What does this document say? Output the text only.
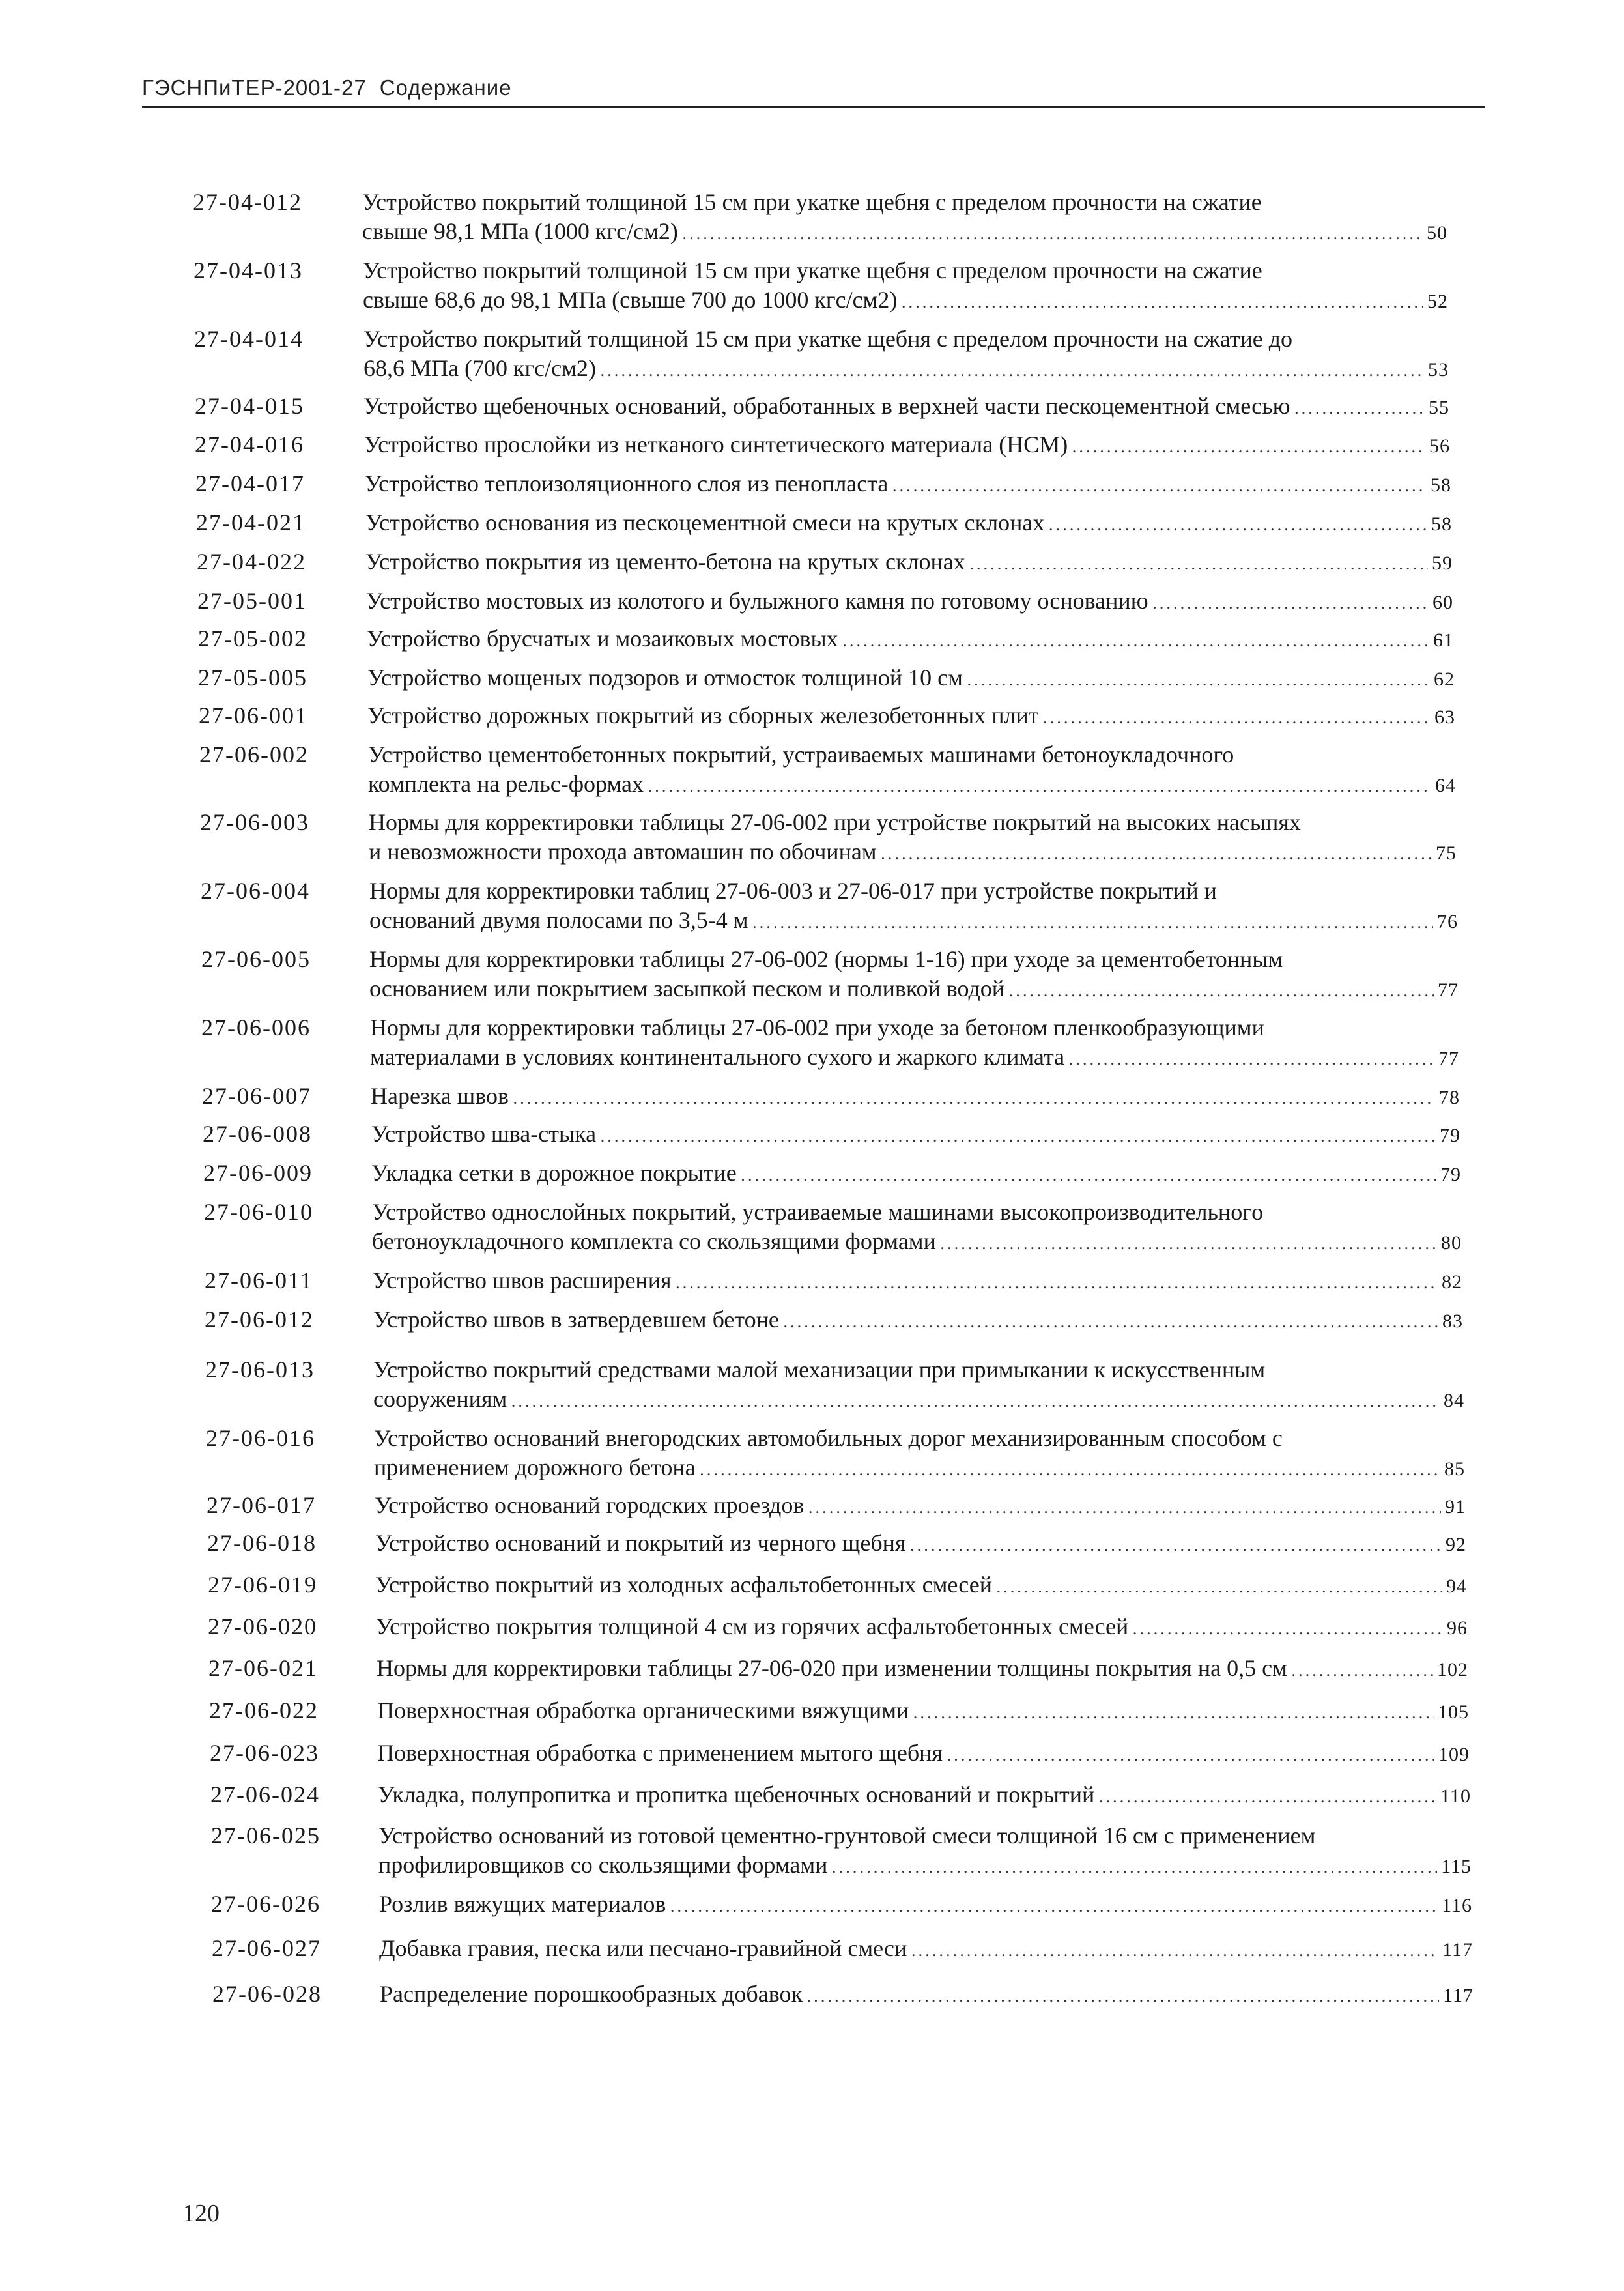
ГЭСНПиТЕР-2001-27 Содержание
27-04-012	Устройство покрытий толщиной 15 см при укатке щебня с пределом прочности на сжатие
свыше 98,1 МПа (1000 кгс/см2) .....	50
27-04-013	Устройство покрытий толщиной 15 см при укатке щебня с пределом прочности на сжатие
свыше 68,6 до 98,1 МПа (свыше 700 до 1000 кгс/см2) .....	52
27-04-014	Устройство покрытий толщиной 15 см при укатке щебня с пределом прочности на сжатие до
68,6 МПа (700 кгс/см2) .....	53
27-04-015	Устройство щебеночных оснований, обработанных в верхней части пескоцементной смесью .....	55
27-04-016	Устройство прослойки из нетканого синтетического материала (НСМ) .....	56
27-04-017	Устройство теплоизоляционного слоя из пенопласта .....	58
27-04-021	Устройство основания из пескоцементной смеси на крутых склонах .....	58
27-04-022	Устройство покрытия из цементо-бетона на крутых склонах .....	59
27-05-001	Устройство мостовых из колотого и булыжного камня по готовому основанию .....	60
27-05-002	Устройство брусчатых и мозаиковых мостовых .....	61
27-05-005	Устройство мощеных подзоров и отмосток толщиной 10 см .....	62
27-06-001	Устройство дорожных покрытий из сборных железобетонных плит .....	63
27-06-002	Устройство цементобетонных покрытий, устраиваемых машинами бетоноукладочного
комплекта на рельс-формах .....	64
27-06-003	Нормы для корректировки таблицы 27-06-002 при устройстве покрытий на высоких насыпях
и невозможности прохода автомашин по обочинам .....	75
27-06-004	Нормы для корректировки таблиц 27-06-003 и 27-06-017 при устройстве покрытий и
оснований двумя полосами по 3,5-4 м .....	76
27-06-005	Нормы для корректировки таблицы 27-06-002 (нормы 1-16) при уходе за цементобетонным
основанием или покрытием засыпкой песком и поливкой водой .....	77
27-06-006	Нормы для корректировки таблицы 27-06-002 при уходе за бетоном пленкообразующими
материалами в условиях континентального сухого и жаркого климата .....	77
27-06-007	Нарезка швов .....	78
27-06-008	Устройство шва-стыка .....	79
27-06-009	Укладка сетки в дорожное покрытие .....	79
27-06-010	Устройство однослойных покрытий, устраиваемые машинами высокопроизводительного
бетоноукладочного комплекта со скользящими формами .....	80
27-06-011	Устройство швов расширения .....	82
27-06-012	Устройство швов в затвердевшем бетоне .....	83
27-06-013	Устройство покрытий средствами малой механизации при примыкании к искусственным
сооружениям .....	84
27-06-016	Устройство оснований внегородских автомобильных дорог механизированным способом с
применением дорожного бетона .....	85
27-06-017	Устройство оснований городских проездов .....	91
27-06-018	Устройство оснований и покрытий из черного щебня .....	92
27-06-019 Устройство покрытий из холодных асфальтобетонных смесей .....	94
27-06-020	Устройство покрытия толщиной 4 см из горячих асфальтобетонных смесей .....	96
27-06-021	Нормы для корректировки таблицы 27-06-020 при изменении толщины покрытия на 0,5 см .....	102
27-06-022	Поверхностная обработка органическими вяжущими .....	105
27-06-023 Поверхностная обработка с применением мытого щебня .....	109
27-06-024 Укладка, полупропитка и пропитка щебеночных оснований и покрытий .....	110
27-06-025 Устройство оснований из готовой цементно-грунтовой смеси толщиной 16 см с применением
профилировщиков со скользящими формами .....	115
27-06-026	Розлив вяжущих материалов .....	116
27-06-027 Добавка гравия, песка или песчано-гравийной смеси .....	117
27-06-028 Распределение порошкообразных добавок .....	117
120
